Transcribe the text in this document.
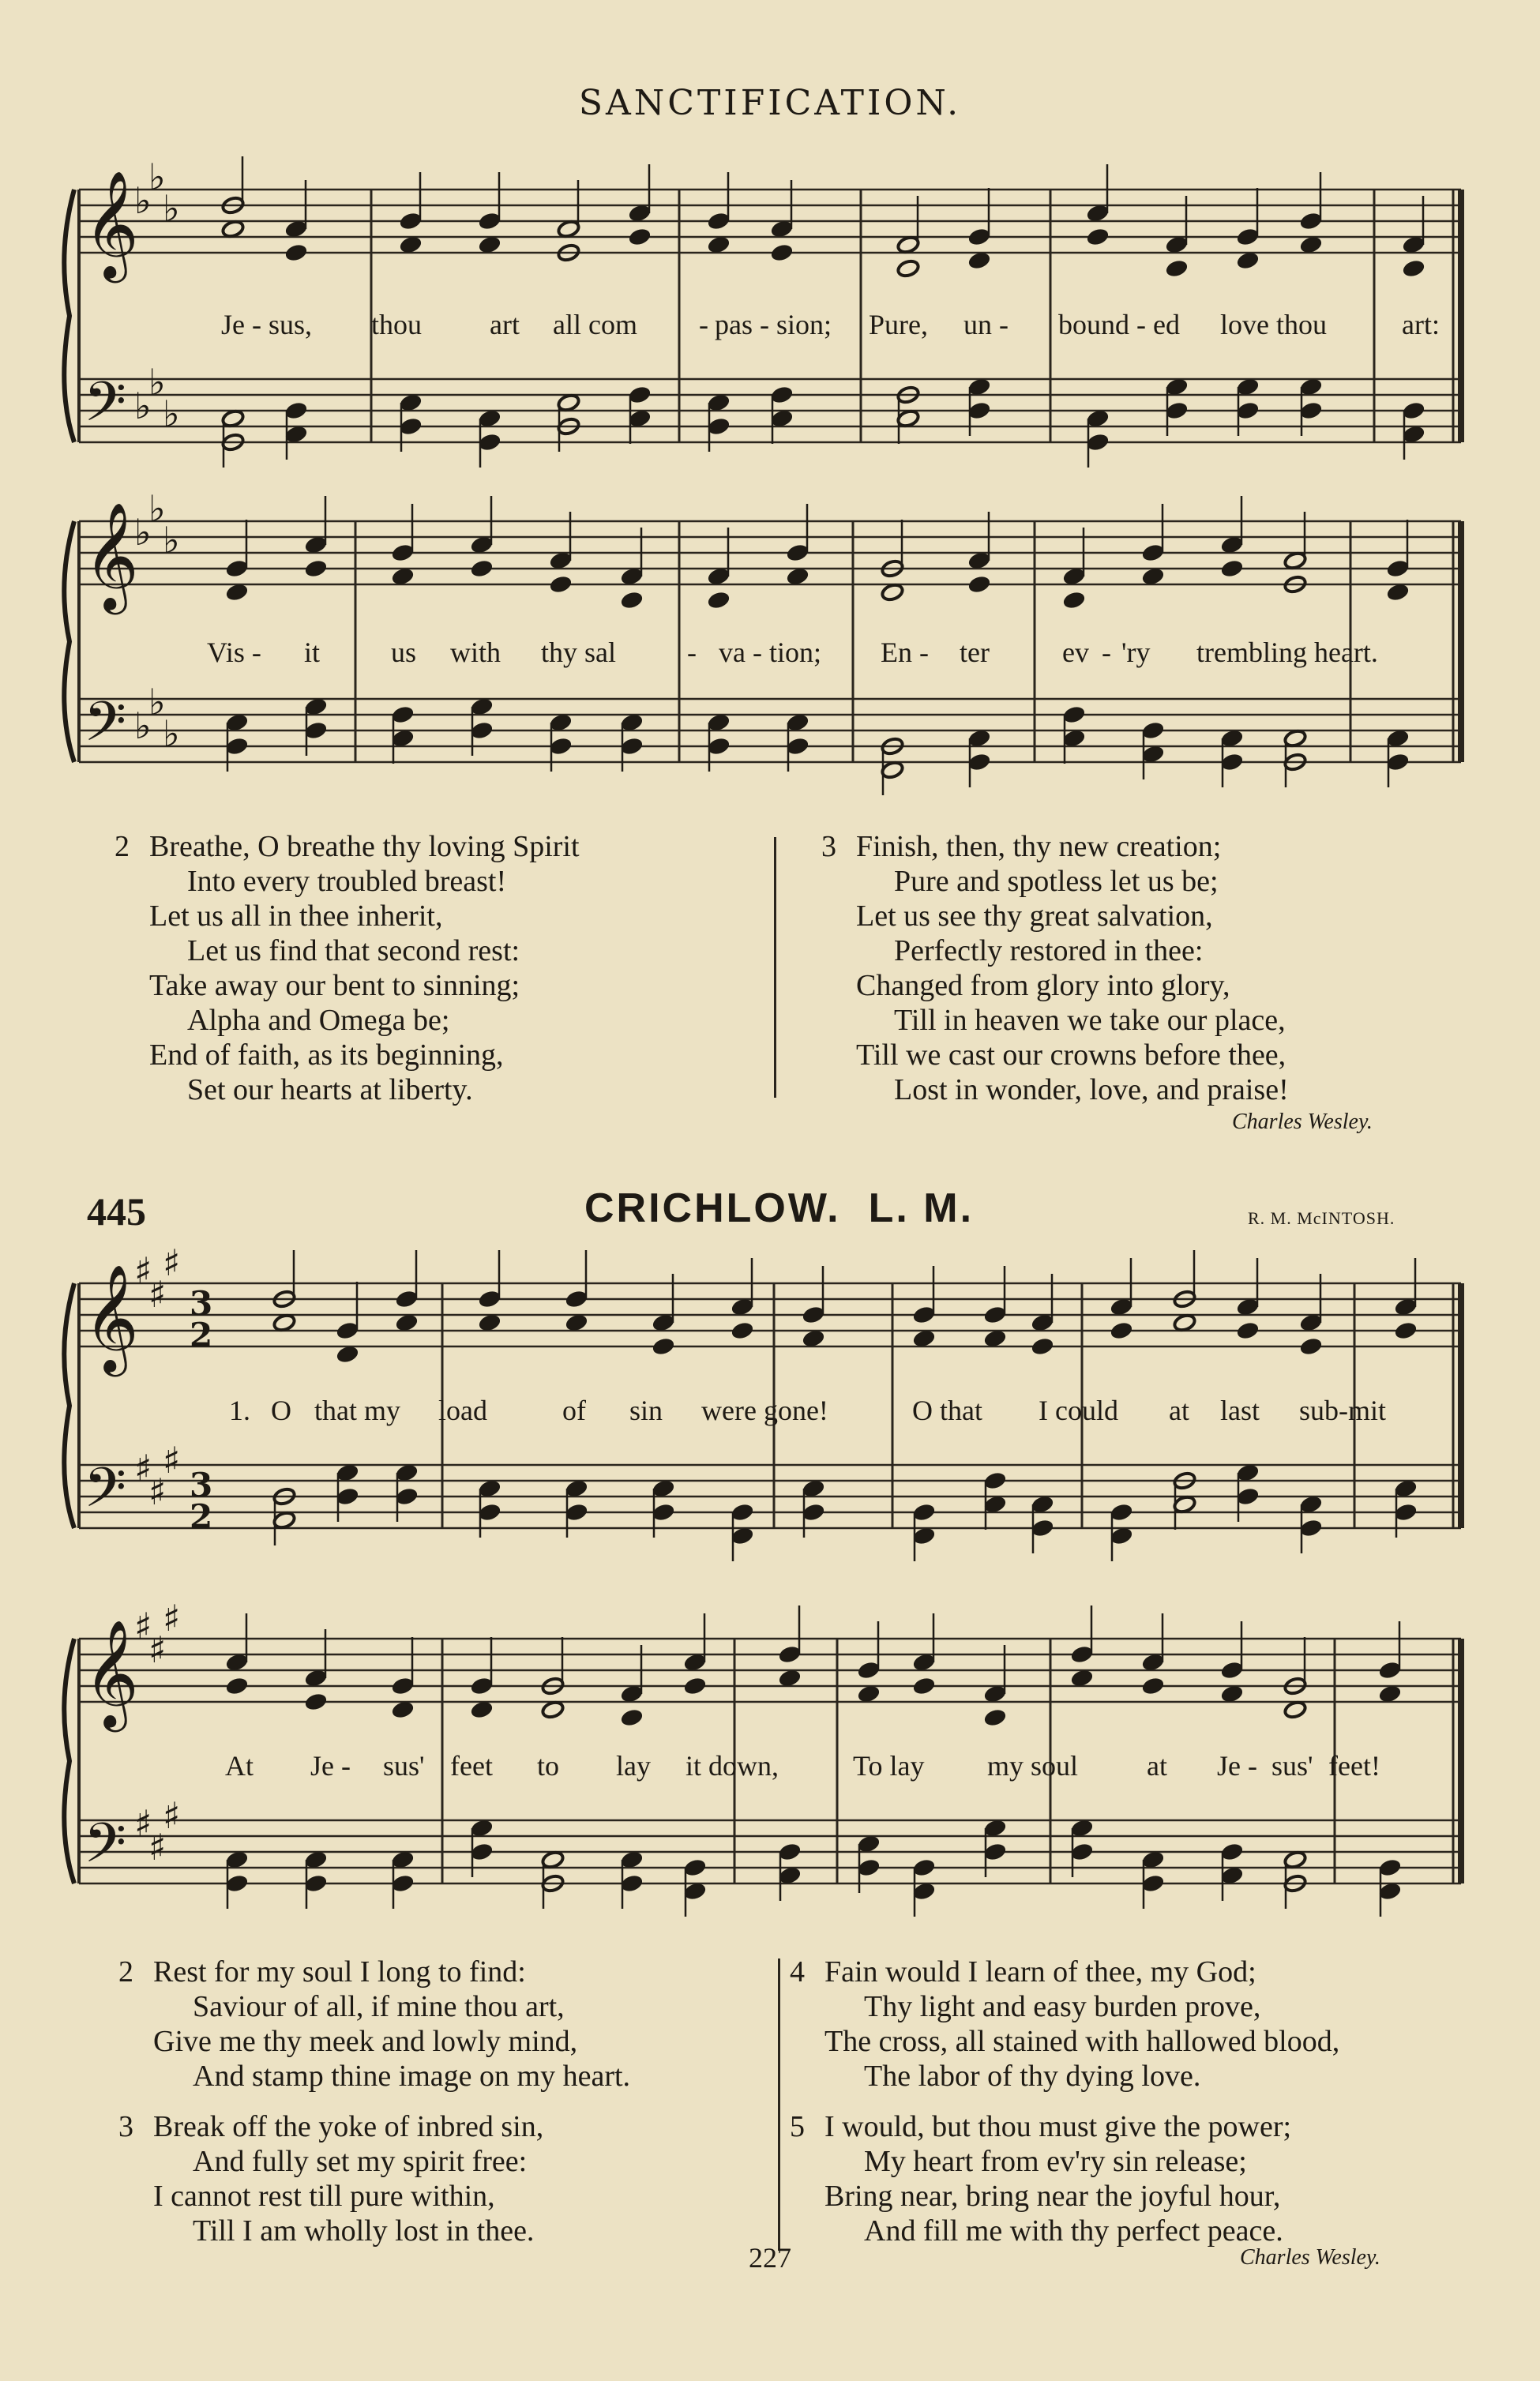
SANCTIFICATION.
𝄞
𝄢
♭
♭
♭
♭
♭
♭
Je - sus, thou art all com - pas - sion; Pure, un - bound - ed love thou	art:
𝄞
𝄢
♭
♭
♭
♭
♭
♭
Vis - it us with thy sal	- va - tion; En - ter	ev - 'ry trembling heart.
2 Breathe, O breathe thy loving Spirit
Into every troubled breast!
Let us all in thee inherit,
Let us find that second rest:
Take away our bent to sinning;
Alpha and Omega be;
End of faith, as its beginning,
Set our hearts at liberty.
3 Finish, then, thy new creation;
Pure and spotless let us be;
Let us see thy great salvation,
Perfectly restored in thee:
Changed from glory into glory,
Till in heaven we take our place,
Till we cast our crowns before thee,
Lost in wonder, love, and praise!
Charles Wesley.
445	CRICHLOW. L. M.	R. M. McINTOSH.
𝄞
𝄢
♯
♯
♯
♯
♯
♯
3
2
3
2
1. O that my load	of sin were gone!	O that I could at last sub-mit
𝄞
𝄢
♯
♯
♯
♯
♯
♯
At Je - sus' feet to lay it down,	To lay my soul at Je - sus' feet!
2 Rest for my soul I long to find:
Saviour of all, if mine thou art,
Give me thy meek and lowly mind,
And stamp thine image on my heart.
3 Break off the yoke of inbred sin,
And fully set my spirit free:
I cannot rest till pure within,
Till I am wholly lost in thee.
4 Fain would I learn of thee, my God;
Thy light and easy burden prove,
The cross, all stained with hallowed blood,
The labor of thy dying love.
5 I would, but thou must give the power;
My heart from ev'ry sin release;
Bring near, bring near the joyful hour,
And fill me with thy perfect peace.
227	Charles Wesley.
